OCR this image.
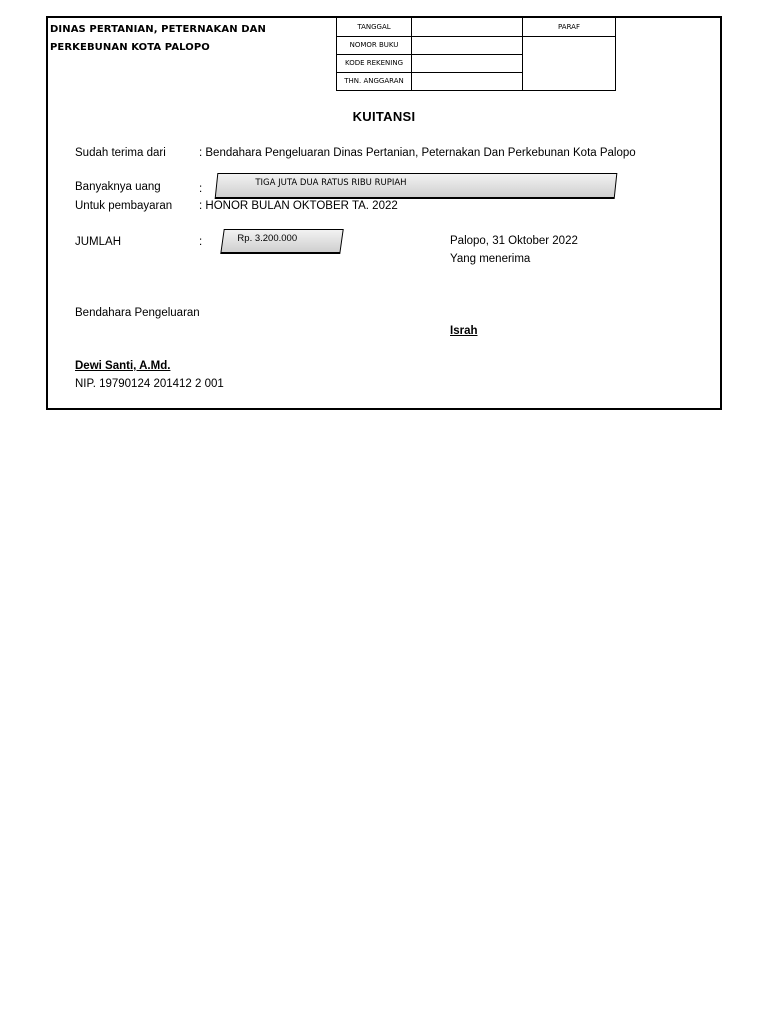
DINAS PERTANIAN, PETERNAKAN DAN
PERKEBUNAN KOTA PALOPO
TANGGAL		PARAF
NOMOR BUKU		
KODE REKENING		
THN. ANGGARAN		
KUITANSI
Sudah terima dari	: Bendahara Pengeluaran Dinas Pertanian, Peternakan Dan Perkebunan Kota Palopo
Banyaknya uang	:
TIGA JUTA DUA RATUS RIBU RUPIAH
Untuk pembayaran : HONOR BULAN OKTOBER TA. 2022
JUMLAH	:	Rp. 3.200.000	Palopo, 31 Oktober 2022
Yang menerima
Bendahara Pengeluaran
Israh
Dewi Santi, A.Md.
NIP. 19790124 201412 2 001
